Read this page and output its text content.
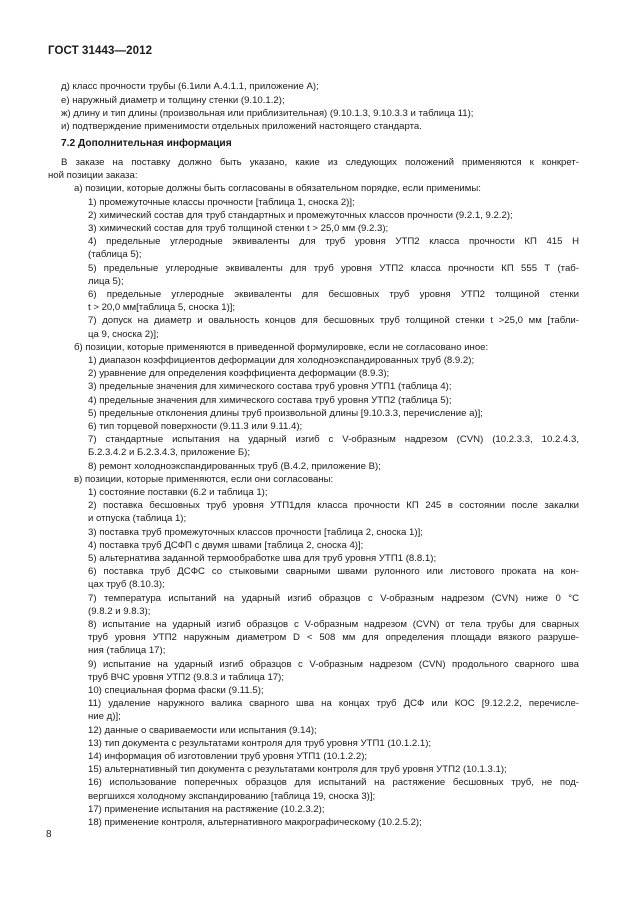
ГОСТ 31443—2012
д) класс прочности трубы (6.1или А.4.1.1, приложение А);
е) наружный диаметр и толщину стенки (9.10.1.2);
ж) длину и тип длины (произвольная или приблизительная) (9.10.1.3, 9.10.3.3 и таблица 11);
и) подтверждение применимости отдельных приложений настоящего стандарта.
7.2 Дополнительная информация
В заказе на поставку должно быть указано, какие из следующих положений применяются к конкрет-
ной позиции заказа:
а) позиции, которые должны быть согласованы в обязательном порядке, если применимы:
1) промежуточные классы прочности [таблица 1, сноска 2)];
2) химический состав для труб стандартных и промежуточных классов прочности (9.2.1, 9.2.2);
3) химический состав для труб толщиной стенки t > 25,0 мм (9.2.3);
4) предельные углеродные эквиваленты для труб уровня УТП2 класса прочности КП 415 Н
(таблица 5);
5) предельные углеродные эквиваленты для труб уровня УТП2 класса прочности КП 555 Т (таб-
лица 5);
6) предельные углеродные эквиваленты для бесшовных труб уровня УТП2 толщиной стенки
t > 20,0 мм[таблица 5, сноска 1)];
7) допуск на диаметр и овальность концов для бесшовных труб толщиной стенки t >25,0 мм [табли-
ца 9, сноска 2)];
б) позиции, которые применяются в приведенной формулировке, если не согласовано иное:
1) диапазон коэффициентов деформации для холодноэкспандированных труб (8.9.2);
2) уравнение для определения коэффициента деформации (8.9.3);
3) предельные значения для химического состава труб уровня УТП1 (таблица 4);
4) предельные значения для химического состава труб уровня УТП2 (таблица 5);
5) предельные отклонения длины труб произвольной длины [9.10.3.3, перечисление а)];
6) тип торцевой поверхности (9.11.3 или 9.11.4);
7) стандартные испытания на ударный изгиб с V-образным надрезом (CVN) (10.2.3.3, 10.2.4.3,
Б.2.3.4.2 и Б.2.3.4.3, приложение Б);
8) ремонт холодноэкспандированных труб (В.4.2, приложение В);
в) позиции, которые применяются, если они согласованы:
1) состояние поставки (6.2 и таблица 1);
2) поставка бесшовных труб уровня УТП1для класса прочности КП 245 в состоянии после закалки
и отпуска (таблица 1);
3) поставка труб промежуточных классов прочности [таблица 2, сноска 1)];
4) поставка труб ДСФП с двумя швами [таблица 2, сноска 4)];
5) альтернатива заданной термообработке шва для труб уровня УТП1 (8.8.1);
6) поставка труб ДСФС со стыковыми сварными швами рулонного или листового проката на кон-
цах труб (8.10.3);
7) температура испытаний на ударный изгиб образцов с V-образным надрезом (CVN) ниже 0 °C
(9.8.2 и 9.8.3);
8) испытание на ударный изгиб образцов с V-образным надрезом (CVN) от тела трубы для сварных
труб уровня УТП2 наружным диаметром D < 508 мм для определения площади вязкого разруше-
ния (таблица 17);
9) испытание на ударный изгиб образцов с V-образным надрезом (CVN) продольного сварного шва
труб ВЧС уровня УТП2 (9.8.3 и таблица 17);
10) специальная форма фаски (9.11.5);
11) удаление наружного валика сварного шва на концах труб ДСФ или КОС [9.12.2.2, перечисле-
ние д)];
12) данные о свариваемости или испытания (9.14);
13) тип документа с результатами контроля для труб уровня УТП1 (10.1.2.1);
14) информация об изготовлении труб уровня УТП1 (10.1.2.2);
15) альтернативный тип документа с результатами контроля для труб уровня УТП2 (10.1.3.1);
16) использование поперечных образцов для испытаний на растяжение бесшовных труб, не под-
вергшихся холодному экспандированию [таблица 19, сноска 3)];
17) применение испытания на растяжение (10.2.3.2);
18) применение контроля, альтернативного макрографическому (10.2.5.2);
8
